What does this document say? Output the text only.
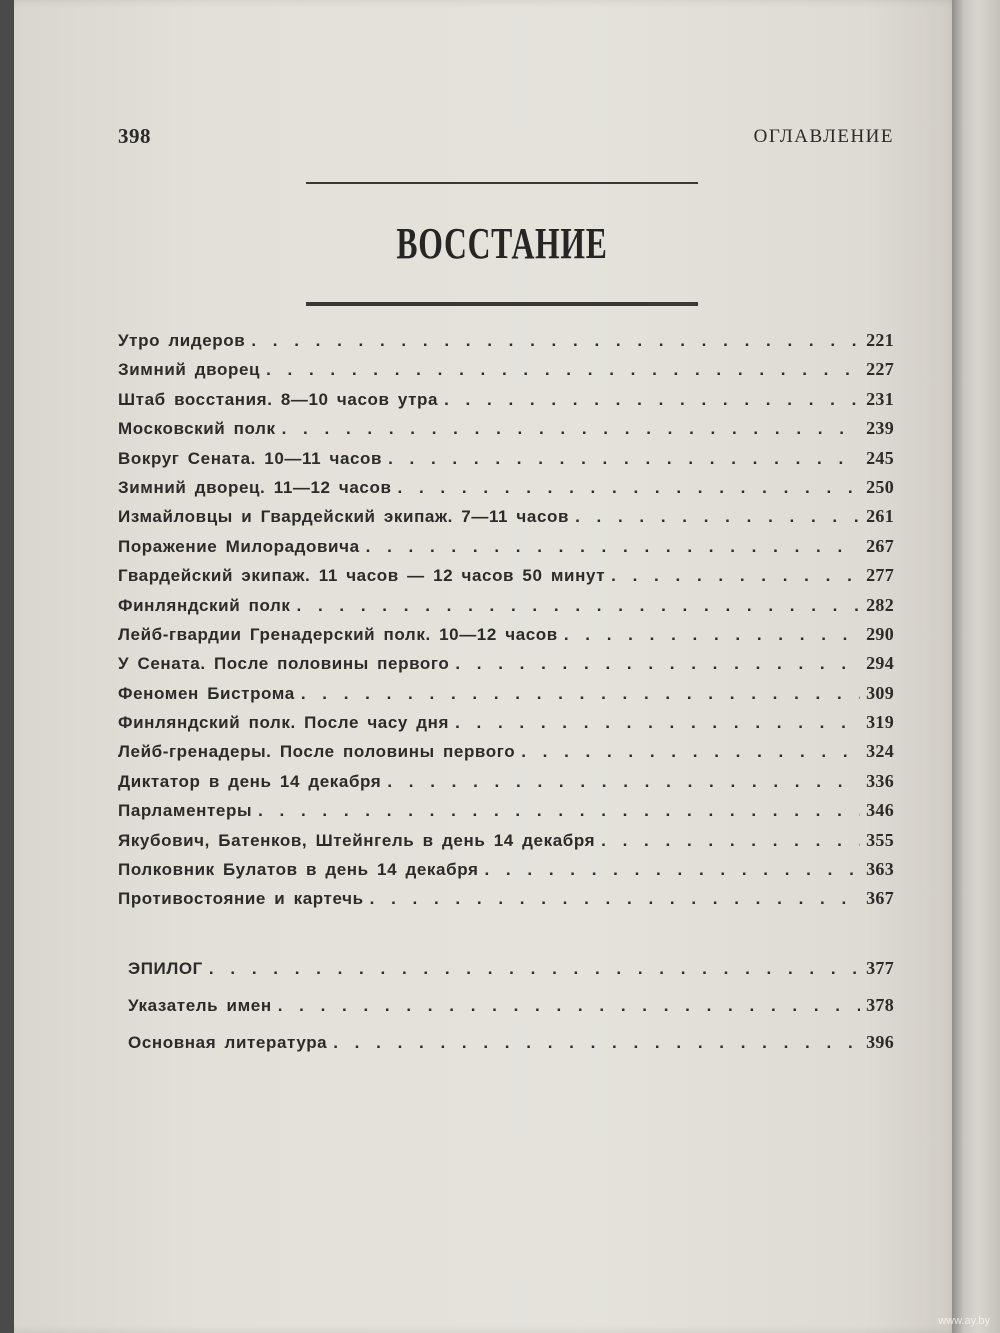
398	ОГЛАВЛЕНИЕ
ВОССТАНИЕ
Утро лидеров . . .	221
Зимний дворец . . .	227
Штаб восстания. 8—10 часов утра . . .	231
Московский полк . . .	239
Вокруг Сената. 10—11 часов . . .	245
Зимний дворец. 11—12 часов . . .	250
Измайловцы и Гвардейский экипаж. 7—11 часов . . .	261
Поражение Милорадовича . . .	267
Гвардейский экипаж. 11 часов — 12 часов 50 минут . . .	277
Финляндский полк . . .	282
Лейб-гвардии Гренадерский полк. 10—12 часов . . .	290
У Сената. После половины первого . . .	294
Феномен Бистрома . . .	309
Финляндский полк. После часу дня . . .	319
Лейб-гренадеры. После половины первого . . .	324
Диктатор в день 14 декабря . . .	336
Парламентеры . . .	346
Якубович, Батенков, Штейнгель в день 14 декабря . . .	355
Полковник Булатов в день 14 декабря . . .	363
Противостояние и картечь . . .	367
ЭПИЛОГ . . .	377
Указатель имен . . .	378
Основная литература . . .	396
www.ay.by
